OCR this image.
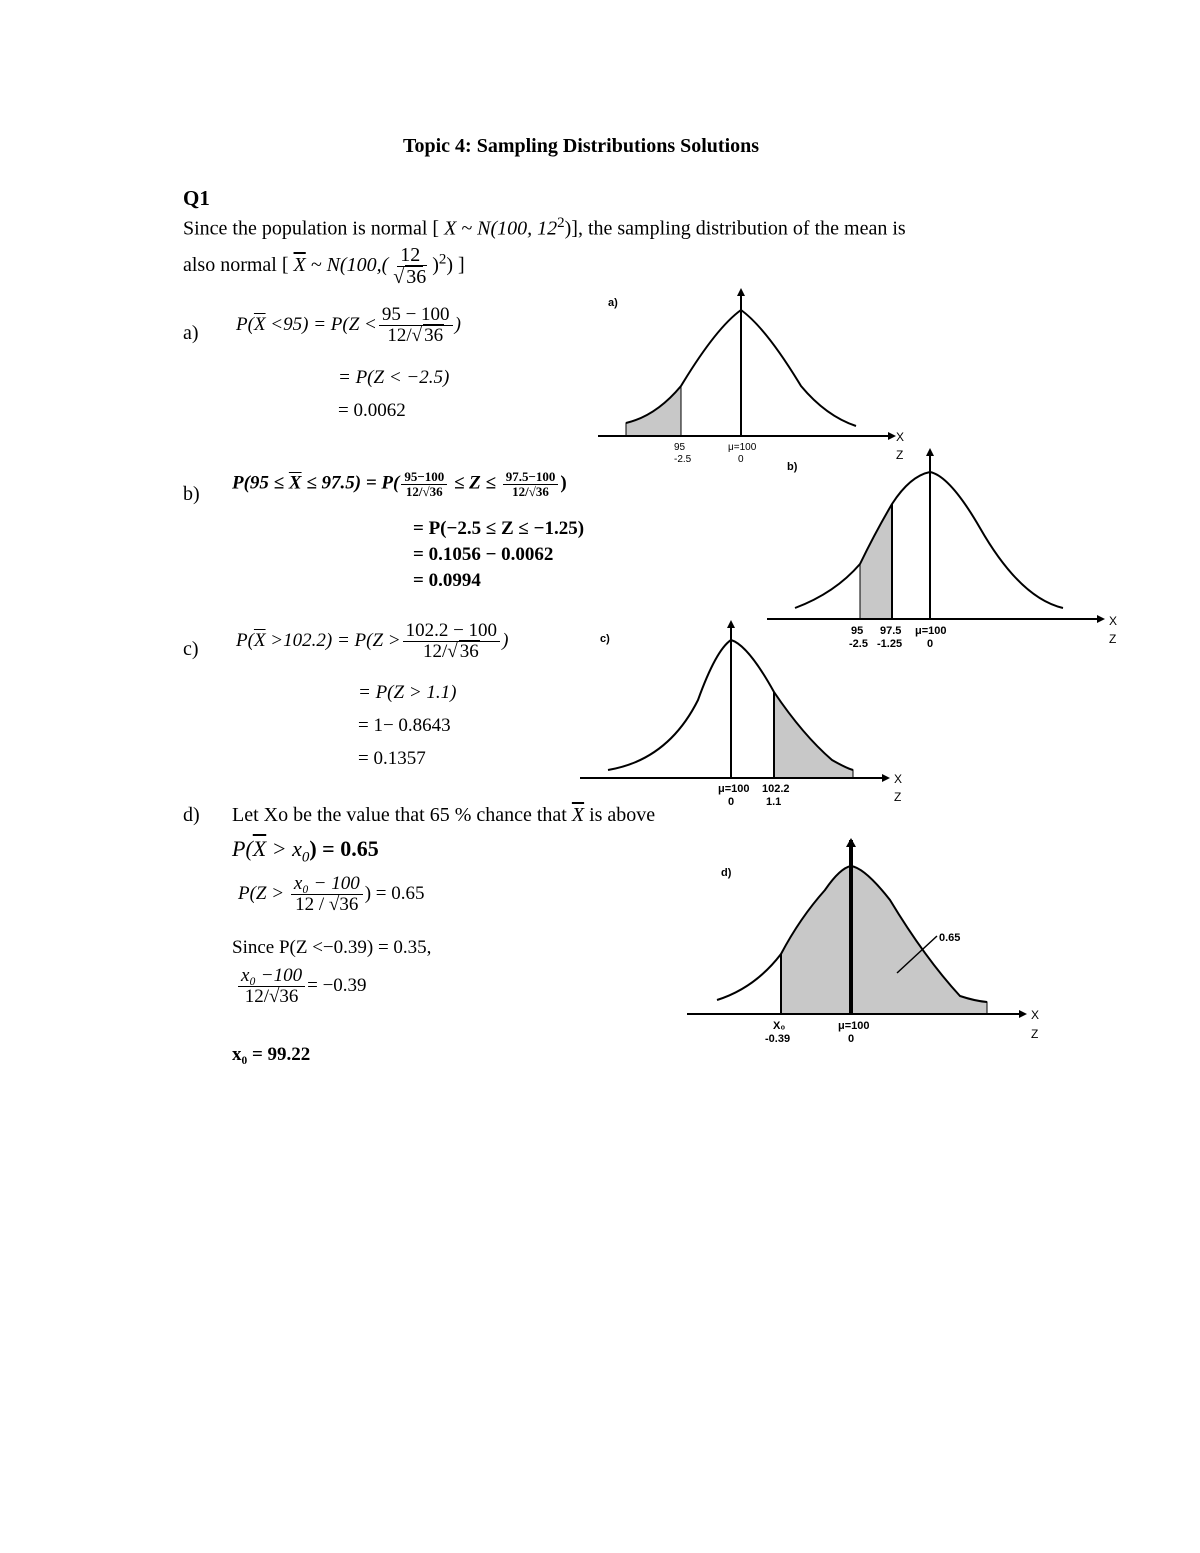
Topic 4: Sampling Distributions Solutions
Q1
Since the population is normal [ X ~ N(100, $12^2$)], the sampling distribution of the mean is
also normal [ $\overline{X}$ ~ $N(100,( \frac{12}{√ 36} )^2)$ ]
a) $P(\overline{X} <95) = P(Z < \frac{95 - 100}{12/√ 36}$ )
= P(Z < −2.5)
= 0.0062
b) $P(95 \le \overline{X} \le 97.5) = P( \frac{95-100}{12/√36} \le Z \le \frac{97.5-100}{12/√36}$ )
= P(−2.5 ≤ Z ≤ −1.25)
= 0.1056 − 0.0062
= 0.0994
c) $P(\overline{X} >102.2) = P(Z > \frac{102.2 - 100}{12/√ 36}$ )
= P(Z > 1.1)
= 1− 0.8643
= 0.1357
d) Let Xo be the value that 65 % chance that $\overline{X}$ is above
$P(\overline{X} > x_0) = 0.65$
$P(Z > \frac{\text{x₀ − 100}}{12 / √36}$ ) = 0.65
Since P(Z <−0.39) = 0.35,
$\frac{\text{x₀ −100}}{12/√36} = -0.39$
x₀ = 99.22
a)
95
-2.5
μ=100
0
X
Z
b)
95
-2.5
97.5
-1.25
μ=100
0
X
Z
c)
μ=100
0
102.2
1.1
X
Z
d)
0.65
X₀
-0.39
μ=100
0
X
Z
